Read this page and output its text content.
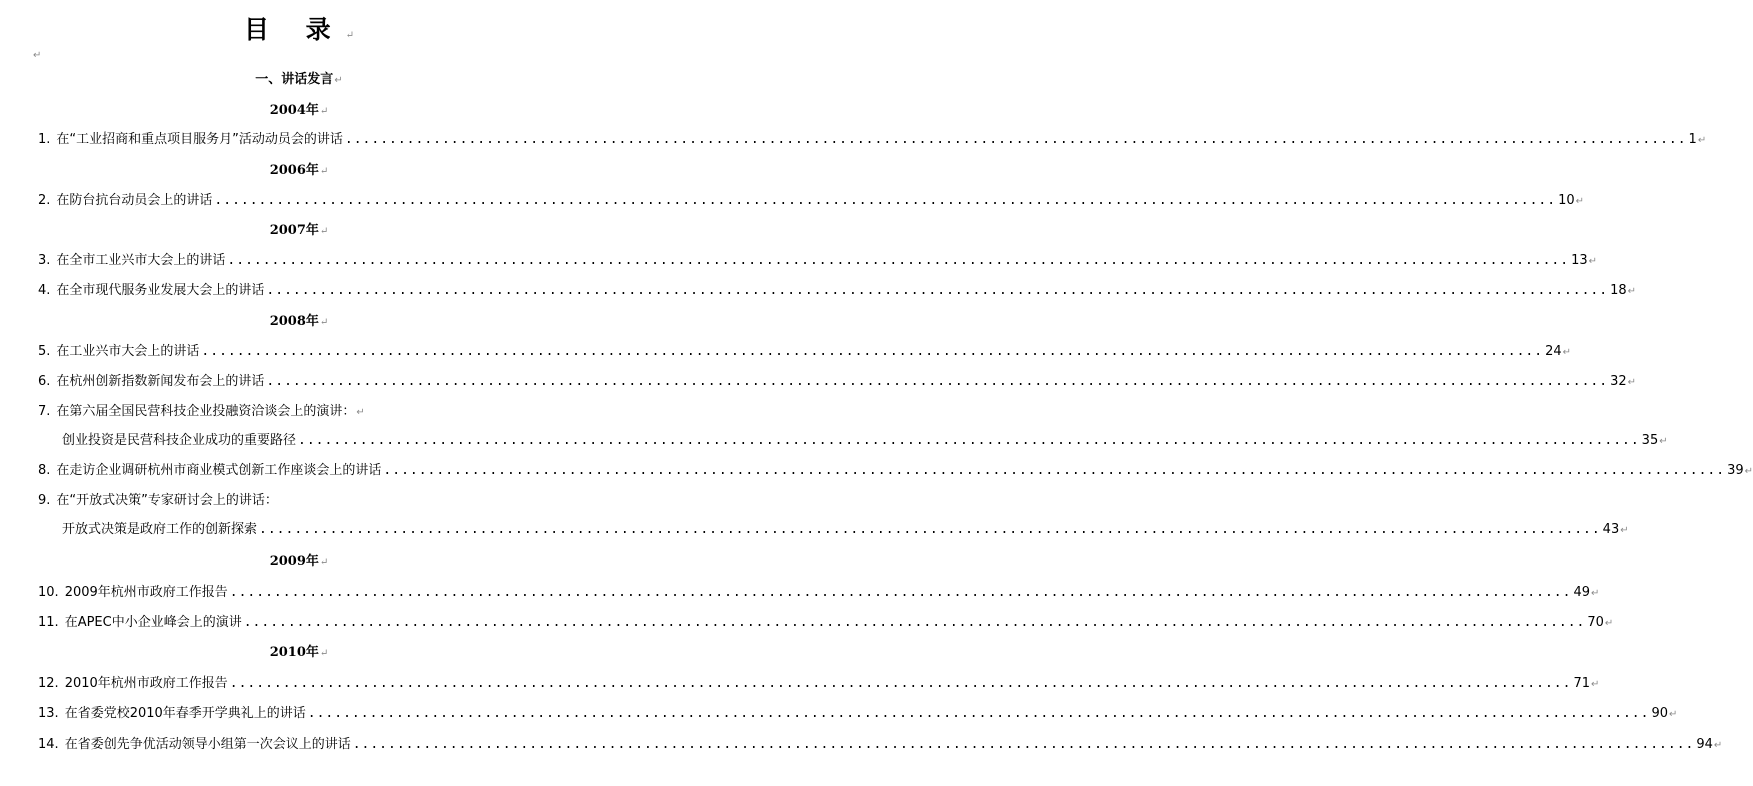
目 录↵
↵
一、讲话发言↵
2004年↵
1. 在“工业招商和重点项目服务月”活动动员会的讲话 ........................................................................................................................................................ 1 ↵
2006年↵
2. 在防台抗台动员会上的讲话 ........................................................................................................................................................ 10 ↵
2007年↵
3. 在全市工业兴市大会上的讲话 ........................................................................................................................................................ 13 ↵
4. 在全市现代服务业发展大会上的讲话 ........................................................................................................................................................ 18 ↵
2008年↵
5. 在工业兴市大会上的讲话 ........................................................................................................................................................ 24 ↵
6. 在杭州创新指数新闻发布会上的讲话 ........................................................................................................................................................ 32 ↵
7. 在第六届全国民营科技企业投融资洽谈会上的演讲： ↵
创业投资是民营科技企业成功的重要路径 ........................................................................................................................................................ 35 ↵
8. 在走访企业调研杭州市商业模式创新工作座谈会上的讲话 ........................................................................................................................................................ 39 ↵
9. 在“开放式决策”专家研讨会上的讲话：
开放式决策是政府工作的创新探索 ........................................................................................................................................................ 43 ↵
2009年↵
10. 2009年杭州市政府工作报告 ........................................................................................................................................................ 49 ↵
11. 在APEC中小企业峰会上的演讲 ........................................................................................................................................................ 70 ↵
2010年↵
12. 2010年杭州市政府工作报告 ........................................................................................................................................................ 71 ↵
13. 在省委党校2010年春季开学典礼上的讲话 ........................................................................................................................................................ 90 ↵
14. 在省委创先争优活动领导小组第一次会议上的讲话 ........................................................................................................................................................ 94 ↵
